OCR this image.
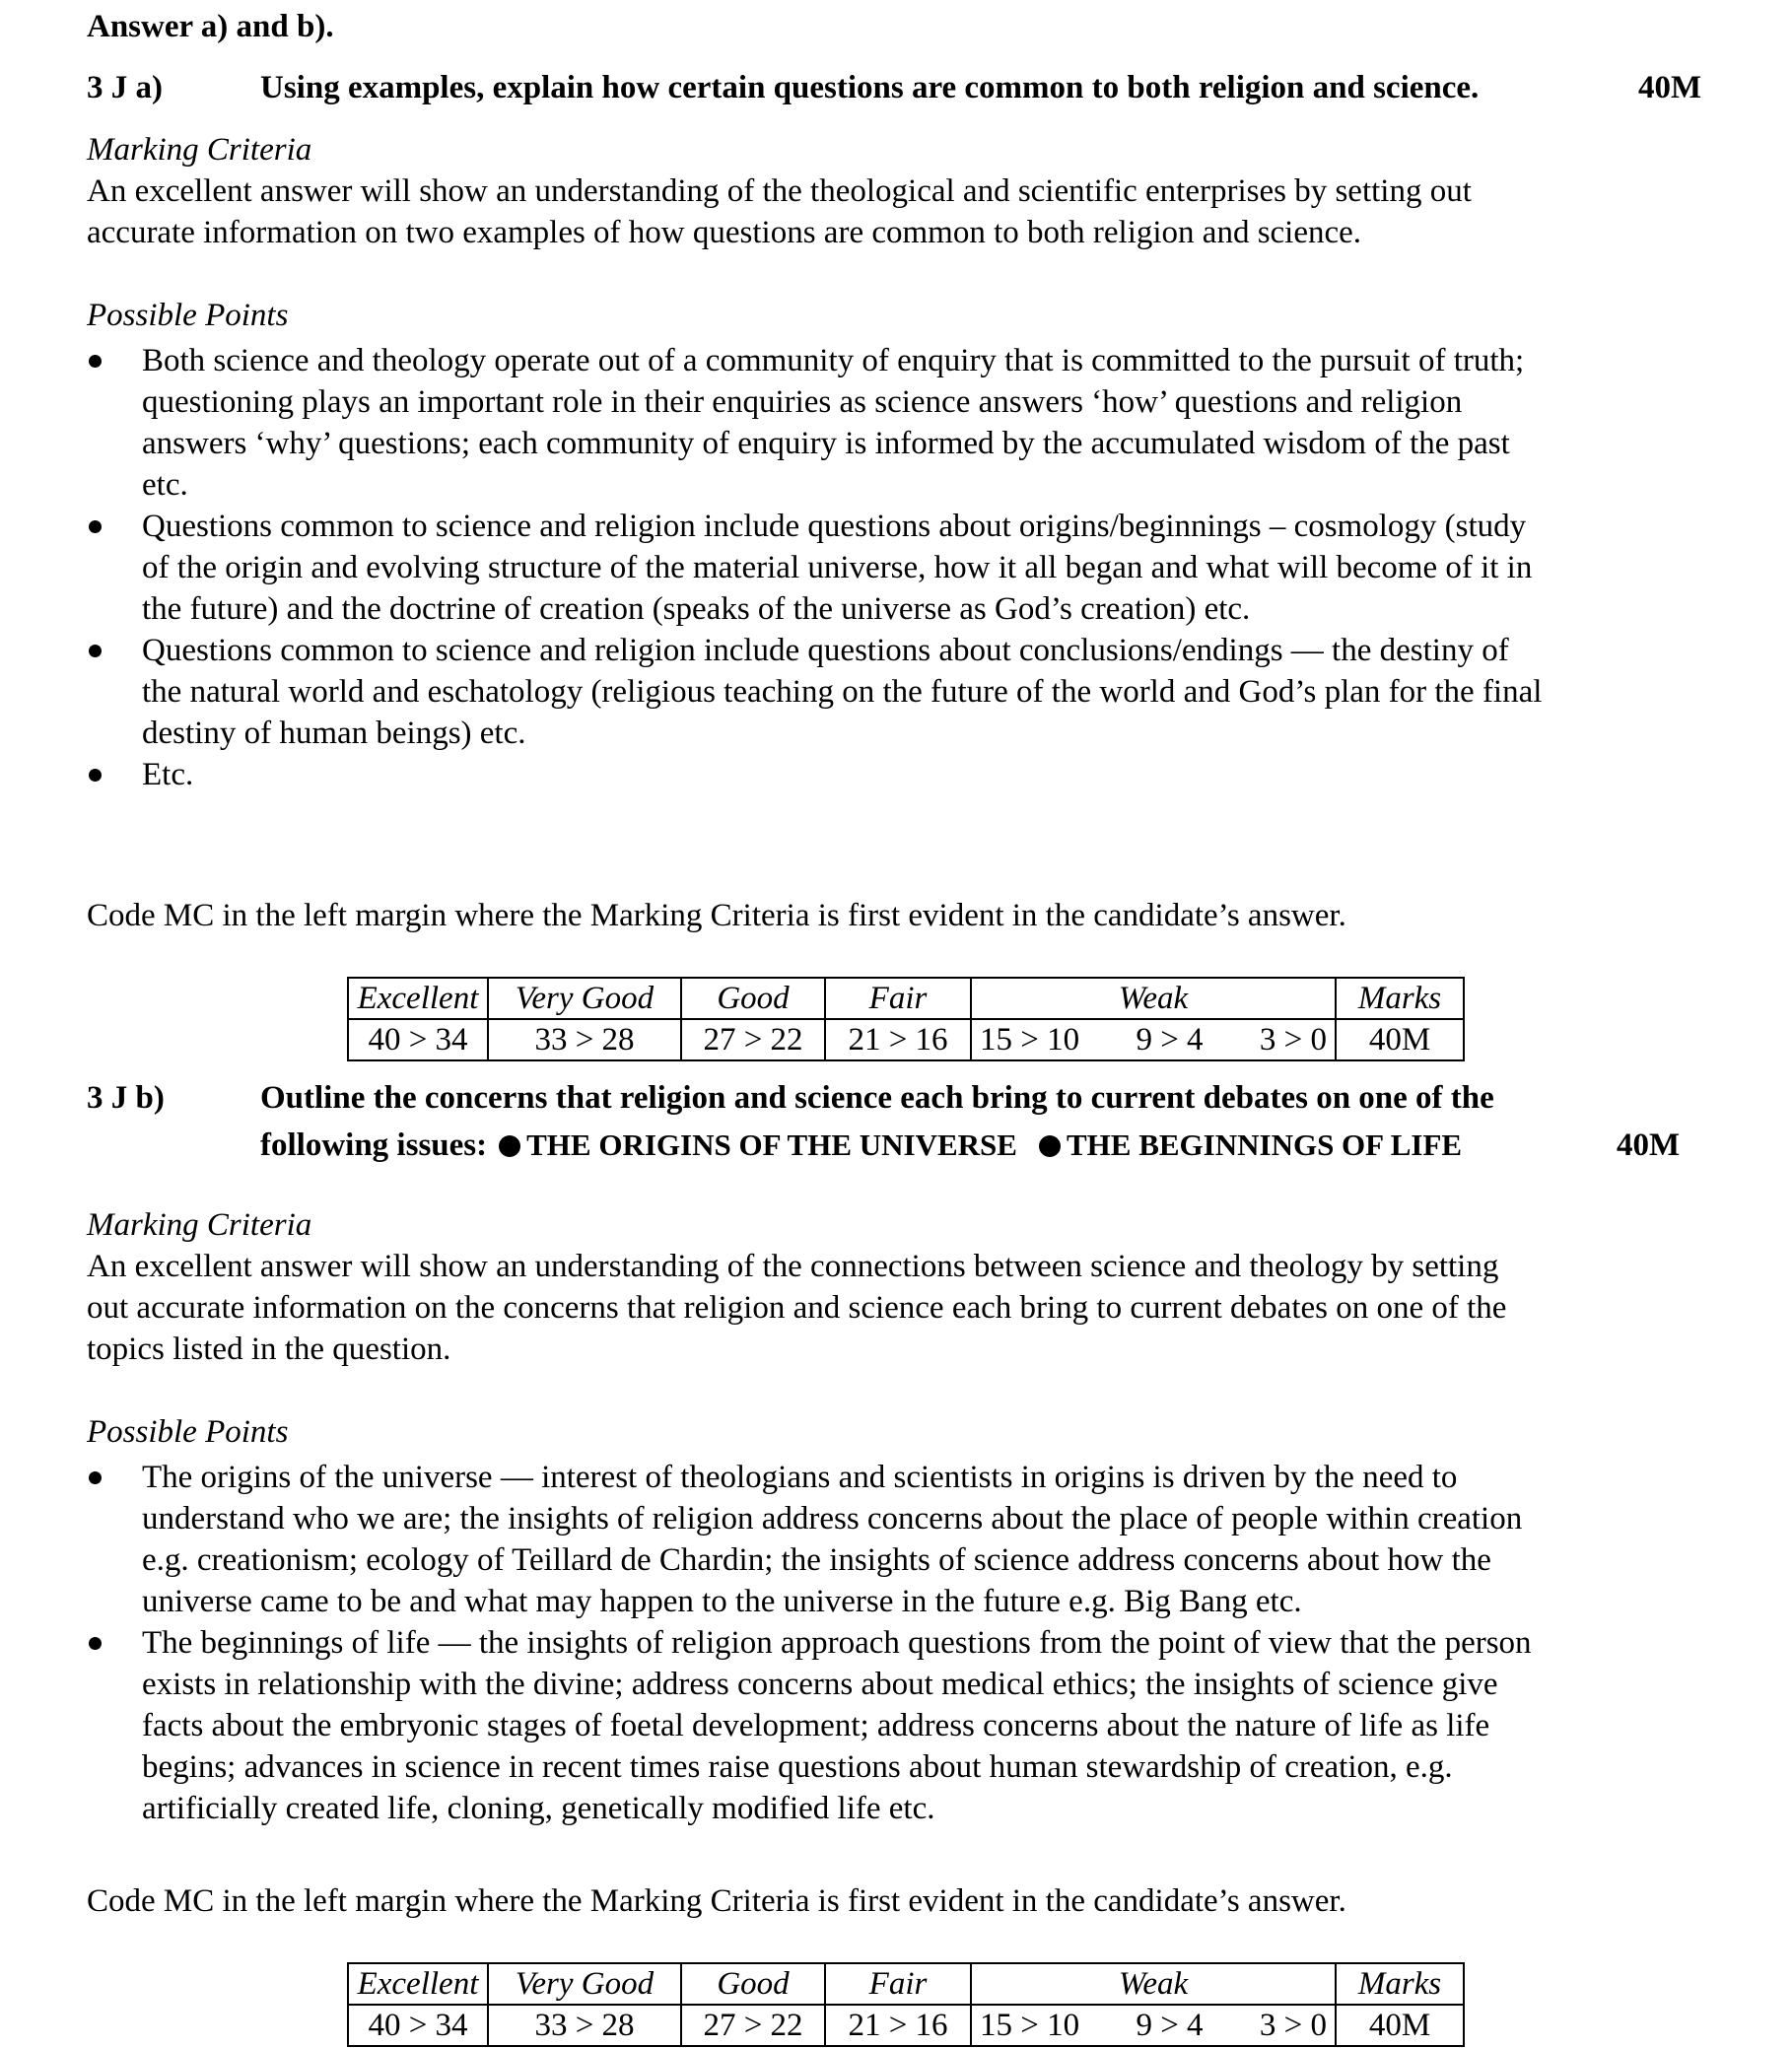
Answer a) and b).
3 J a)	Using examples, explain how certain questions are common to both religion and science.	40M
Marking Criteria
An excellent answer will show an understanding of the theological and scientific enterprises by setting out
accurate information on two examples of how questions are common to both religion and science.
Possible Points
Both science and theology operate out of a community of enquiry that is committed to the pursuit of truth;
questioning plays an important role in their enquiries as science answers ‘how’ questions and religion
answers ‘why’ questions; each community of enquiry is informed by the accumulated wisdom of the past
etc.
Questions common to science and religion include questions about origins/beginnings – cosmology (study
of the origin and evolving structure of the material universe, how it all began and what will become of it in
the future) and the doctrine of creation (speaks of the universe as God’s creation) etc.
Questions common to science and religion include questions about conclusions/endings — the destiny of
the natural world and eschatology (religious teaching on the future of the world and God’s plan for the final
destiny of human beings) etc.
Etc.
Code MC in the left margin where the Marking Criteria is first evident in the candidate’s answer.
Excellent	Very Good	Good	Fair	Weak	Marks
40 > 34	33 > 28	27 > 22	21 > 16	15 > 10 9 > 4 3 > 0	40M
3 J b)	Outline the concerns that religion and science each bring to current debates on one of the
following issues: THE ORIGINS OF THE UNIVERSE THE BEGINNINGS OF LIFE	40M
Marking Criteria
An excellent answer will show an understanding of the connections between science and theology by setting
out accurate information on the concerns that religion and science each bring to current debates on one of the
topics listed in the question.
Possible Points
The origins of the universe — interest of theologians and scientists in origins is driven by the need to
understand who we are; the insights of religion address concerns about the place of people within creation
e.g. creationism; ecology of Teillard de Chardin; the insights of science address concerns about how the
universe came to be and what may happen to the universe in the future e.g. Big Bang etc.
The beginnings of life — the insights of religion approach questions from the point of view that the person
exists in relationship with the divine; address concerns about medical ethics; the insights of science give
facts about the embryonic stages of foetal development; address concerns about the nature of life as life
begins; advances in science in recent times raise questions about human stewardship of creation, e.g.
artificially created life, cloning, genetically modified life etc.
Code MC in the left margin where the Marking Criteria is first evident in the candidate’s answer.
Excellent	Very Good	Good	Fair	Weak	Marks
40 > 34	33 > 28	27 > 22	21 > 16	15 > 10 9 > 4 3 > 0	40M
